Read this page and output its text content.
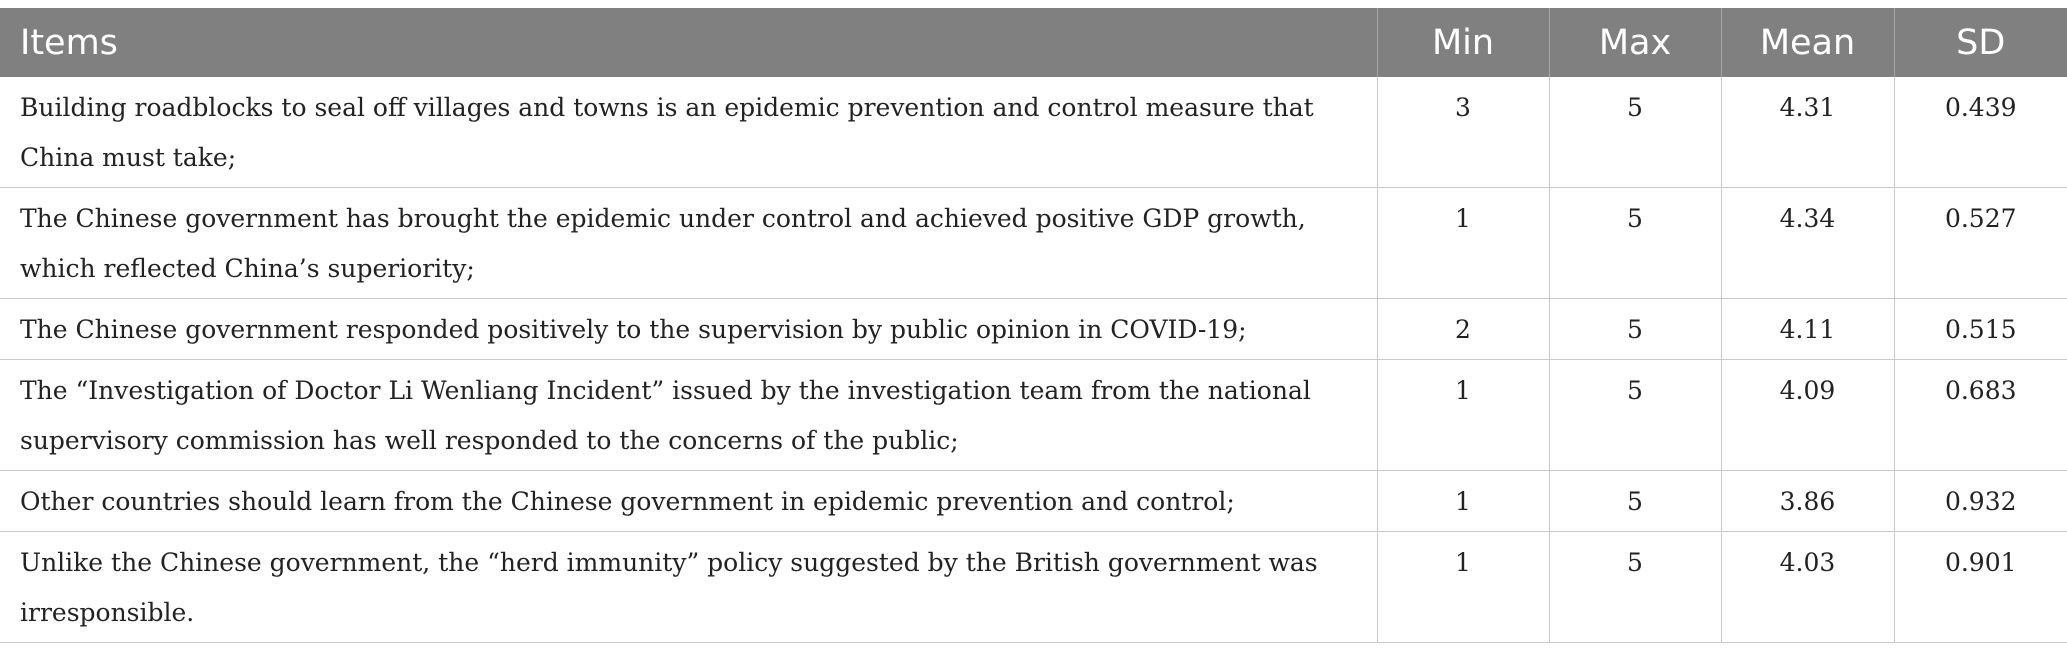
Items	Min	Max	Mean	SD
Building roadblocks to seal off villages and towns is an epidemic prevention and control measure that China must take;	3	5	4.31	0.439
The Chinese government has brought the epidemic under control and achieved positive GDP growth, which reflected China’s superiority;	1	5	4.34	0.527
The Chinese government responded positively to the supervision by public opinion in COVID-19;	2	5	4.11	0.515
The “Investigation of Doctor Li Wenliang Incident” issued by the investigation team from the national supervisory commission has well responded to the concerns of the public;	1	5	4.09	0.683
Other countries should learn from the Chinese government in epidemic prevention and control;	1	5	3.86	0.932
Unlike the Chinese government, the “herd immunity” policy suggested by the British government was irresponsible.	1	5	4.03	0.901
